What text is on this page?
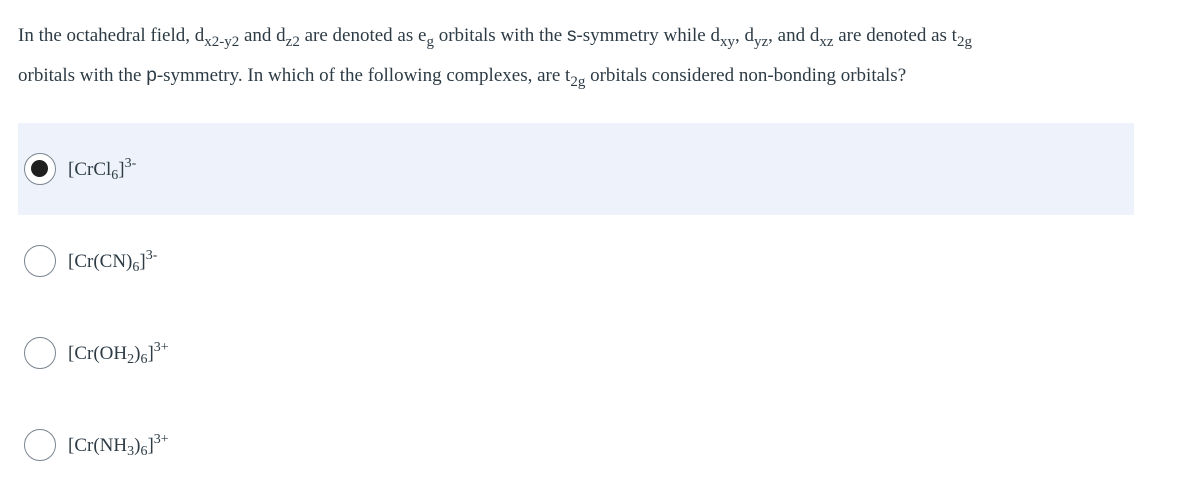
In the octahedral field, $d_{x2-y2}$ and $d_{z2}$ are denoted as $e_g$ orbitals with the s-symmetry while $d_{xy}$, $d_{yz}$, and $d_{xz}$ are denoted as $t_{2g}$
orbitals with the p-symmetry. In which of the following complexes, are $t_{2g}$ orbitals considered non-bonding orbitals?
[CrCl$_6$]$^{3-}$
$[Cr(CN)_6]^{3-}$
$[Cr(OH_2)_6]^{3+}$
$[Cr(NH_3)_6]^{3+}$
